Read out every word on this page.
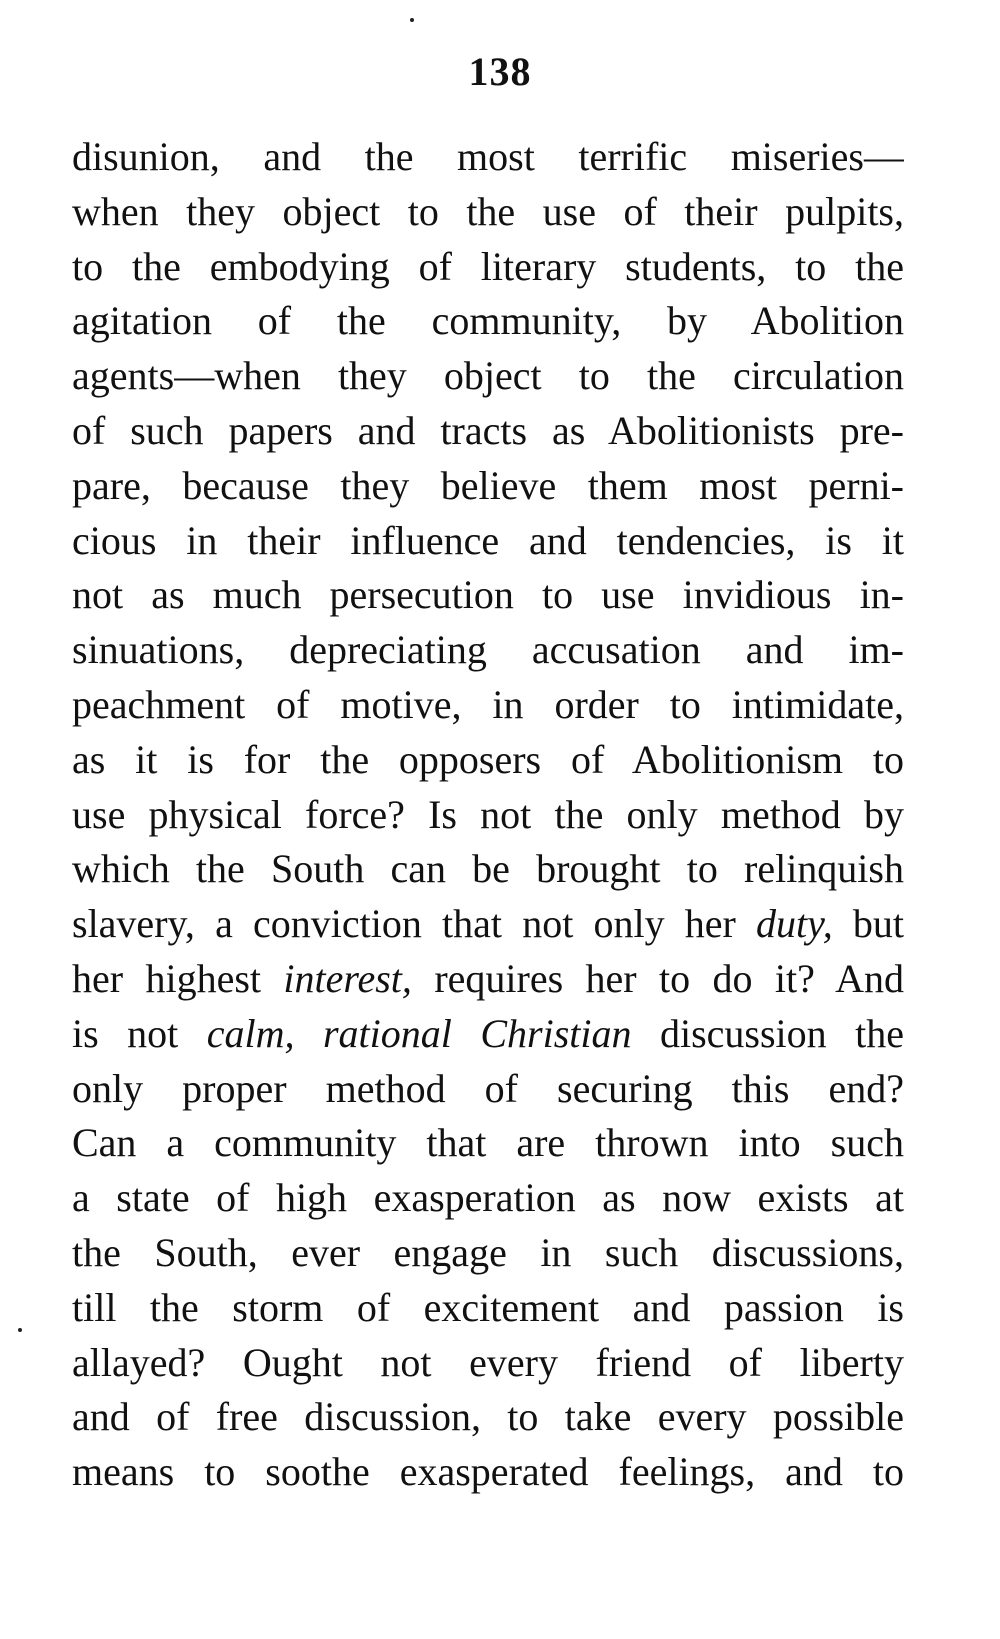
138
disunion, and the most terrific miseries—
when they object to the use of their pulpits,
to the embodying of literary students, to the
agitation of the community, by Abolition
agents—when they object to the circulation
of such papers and tracts as Abolitionists pre-
pare, because they believe them most perni-
cious in their influence and tendencies, is it
not as much persecution to use invidious in-
sinuations, depreciating accusation and im-
peachment of motive, in order to intimidate,
as it is for the opposers of Abolitionism to
use physical force? Is not the only method by
which the South can be brought to relinquish
slavery, a conviction that not only her duty, but
her highest interest, requires her to do it? And
is not calm, rational Christian discussion the
only proper method of securing this end?
Can a community that are thrown into such
a state of high exasperation as now exists at
the South, ever engage in such discussions,
till the storm of excitement and passion is
allayed? Ought not every friend of liberty
and of free discussion, to take every possible
means to soothe exasperated feelings, and to
